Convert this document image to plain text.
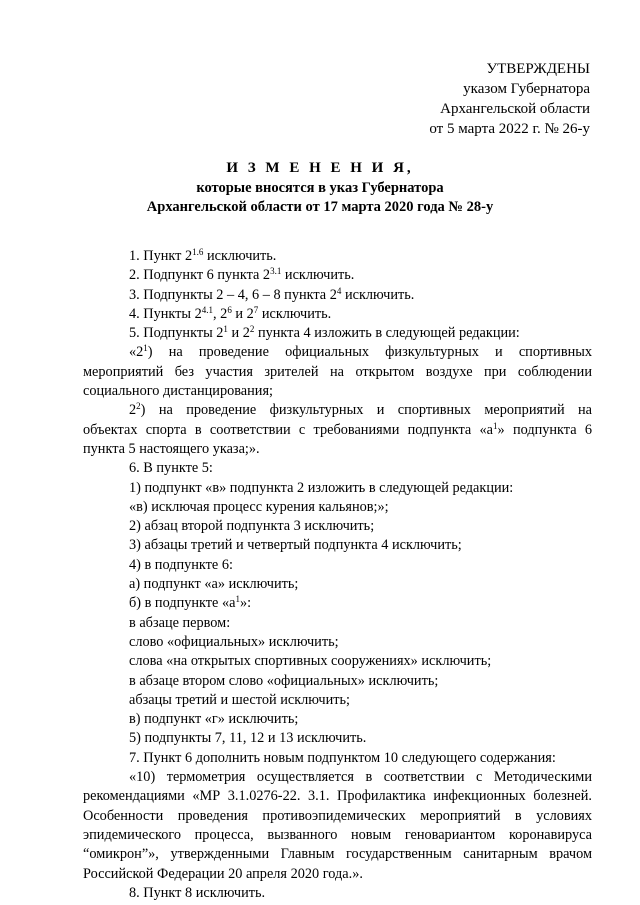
УТВЕРЖДЕНЫ
указом Губернатора
Архангельской области
от 5 марта 2022 г. № 26-у
И З М Е Н Е Н И Я,
которые вносятся в указ Губернатора
Архангельской области от 17 марта 2020 года № 28-у
1. Пункт $2^{1.6}$ исключить.
2. Подпункт 6 пункта $2^{3.1}$ исключить.
3. Подпункты 2 – 4, 6 – 8 пункта $2^4$ исключить.
4. Пункты $2^{4.1}$, $2^6$ и $2^7$ исключить.
5. Подпункты $2^1$ и $2^2$ пункта 4 изложить в следующей редакции:
«$2^1$) на проведение официальных физкультурных и спортивных
мероприятий без участия зрителей на открытом воздухе при соблюдении
социального дистанцирования;
$2^2$) на проведение физкультурных и спортивных мероприятий на
объектах спорта в соответствии с требованиями подпункта «$а^1$» подпункта 6
пункта 5 настоящего указа;».
6. В пункте 5:
1) подпункт «в» подпункта 2 изложить в следующей редакции:
«в) исключая процесс курения кальянов;»;
2) абзац второй подпункта 3 исключить;
3) абзацы третий и четвертый подпункта 4 исключить;
4) в подпункте 6:
а) подпункт «а» исключить;
б) в подпункте «$а^1$»:
в абзаце первом:
слово «официальных» исключить;
слова «на открытых спортивных сооружениях» исключить;
в абзаце втором слово «официальных» исключить;
абзацы третий и шестой исключить;
в) подпункт «г» исключить;
5) подпункты 7, 11, 12 и 13 исключить.
7. Пункт 6 дополнить новым подпунктом 10 следующего содержания:
«10) термометрия осуществляется в соответствии с Методическими
рекомендациями «МР 3.1.0276-22. 3.1. Профилактика инфекционных болезней.
Особенности проведения противоэпидемических мероприятий в условиях
эпидемического процесса, вызванного новым геновариантом коронавируса
“омикрон”», утвержденными Главным государственным санитарным врачом
Российской Федерации 20 апреля 2020 года.».
8. Пункт 8 исключить.
